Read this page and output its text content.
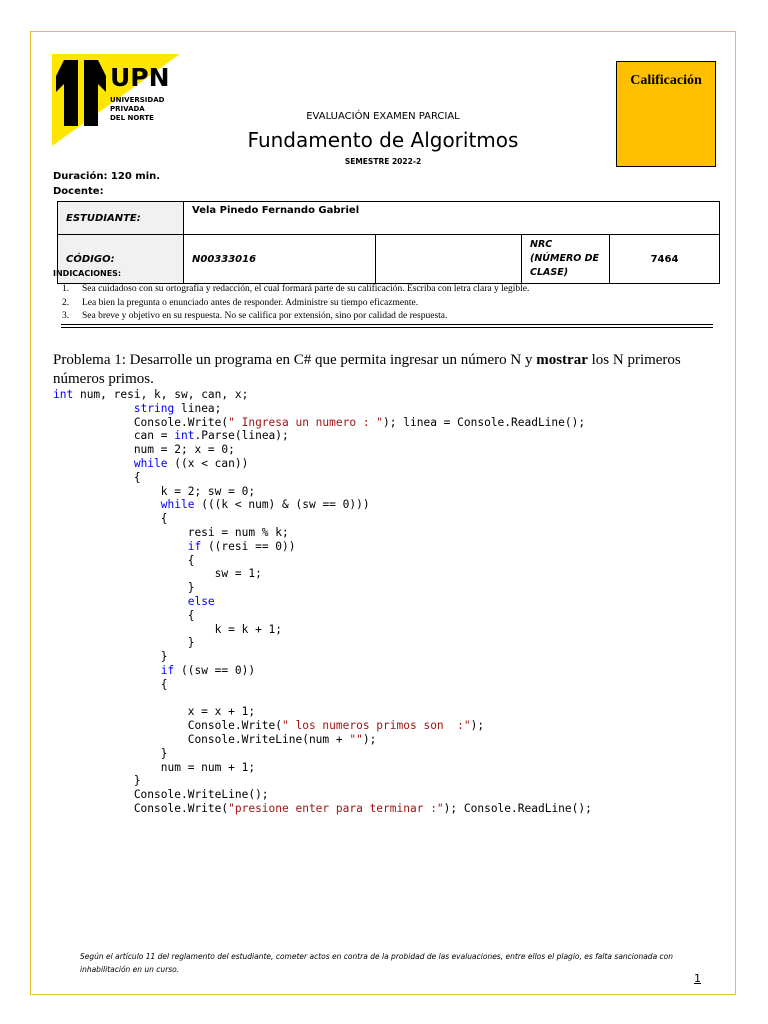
UPN
UNIVERSIDAD
PRIVADA
DEL NORTE	EVALUACIÓN EXAMEN PARCIAL
Fundamento de Algoritmos
SEMESTRE 2022-2
Calificación
Duración: 120 min.
Docente:
ESTUDIANTE:	Vela Pinedo Fernando Gabriel			
CÓDIGO:	N00333016		NRC (NÚMERO DE CLASE)	7464
INDICACIONES:
1. Sea cuidadoso con su ortografía y redacción, el cual formará parte de su calificación. Escriba con letra clara y legible.
2. Lea bien la pregunta o enunciado antes de responder. Administre su tiempo eficazmente.
3. Sea breve y objetivo en su respuesta. No se califica por extensión, sino por calidad de respuesta.
Problema 1: Desarrolle un programa en C# que permita ingresar un número N y mostrar los N primeros números primos.
int num, resi, k, sw, can, x;
string linea;
Console.Write(" Ingresa un numero : "); linea = Console.ReadLine();
can = int.Parse(linea);
num = 2; x = 0;
while ((x < can))
{
k = 2; sw = 0;
while (((k < num) & (sw == 0)))
{
resi = num % k;
if ((resi == 0))
{
sw = 1;
}
else
{
k = k + 1;
}
}
if ((sw == 0))
{
x = x + 1;
Console.Write(" los numeros primos son  :");
Console.WriteLine(num + "");
}
num = num + 1;
}
Console.WriteLine();
Console.Write("presione enter para terminar :"); Console.ReadLine();
Según el artículo 11 del reglamento del estudiante, cometer actos en contra de la probidad de las evaluaciones, entre ellos el plagio, es falta sancionada con inhabilitación en un curso.
1
